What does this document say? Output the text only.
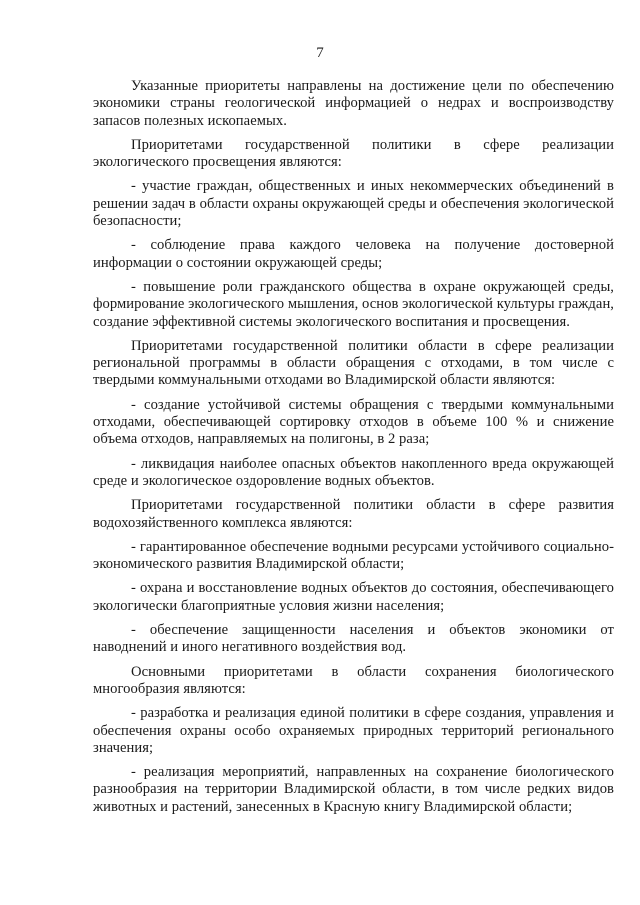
7

Указанные приоритеты направлены на достижение цели по обеспечению экономики страны геологической информацией о недрах и воспроизводству запасов полезных ископаемых.

Приоритетами государственной политики в сфере реализации экологического просвещения являются:

- участие граждан, общественных и иных некоммерческих объединений в решении задач в области охраны окружающей среды и обеспечения экологической безопасности;

- соблюдение права каждого человека на получение достоверной информации о состоянии окружающей среды;

- повышение роли гражданского общества в охране окружающей среды, формирование экологического мышления, основ экологической культуры граждан, создание эффективной системы экологического воспитания и просвещения.

Приоритетами государственной политики области в сфере реализации региональной программы в области обращения с отходами, в том числе с твердыми коммунальными отходами во Владимирской области являются:

- создание устойчивой системы обращения с твердыми коммунальными отходами, обеспечивающей сортировку отходов в объеме 100 % и снижение объема отходов, направляемых на полигоны, в 2 раза;

- ликвидация наиболее опасных объектов накопленного вреда окружающей среде и экологическое оздоровление водных объектов.

Приоритетами государственной политики области в сфере развития водохозяйственного комплекса являются:

- гарантированное обеспечение водными ресурсами устойчивого социально-экономического развития Владимирской области;

- охрана и восстановление водных объектов до состояния, обеспечивающего экологически благоприятные условия жизни населения;

- обеспечение защищенности населения и объектов экономики от наводнений и иного негативного воздействия вод.

Основными приоритетами в области сохранения биологического многообразия являются:

- разработка и реализация единой политики в сфере создания, управления и обеспечения охраны особо охраняемых природных территорий регионального значения;

- реализация мероприятий, направленных на сохранение биологического разнообразия на территории Владимирской области, в том числе редких видов животных и растений, занесенных в Красную книгу Владимирской области;
